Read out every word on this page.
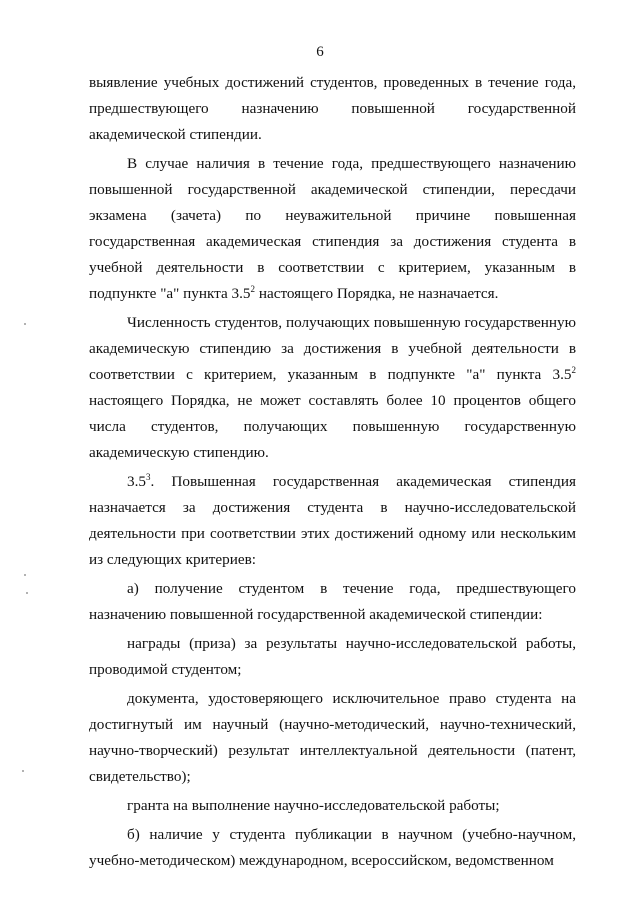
6

выявление учебных достижений студентов, проведенных в течение года, предшествующего назначению повышенной государственной академической стипендии.

В случае наличия в течение года, предшествующего назначению повышенной государственной академической стипендии, пересдачи экзамена (зачета) по неуважительной причине повышенная государственная академическая стипендия за достижения студента в учебной деятельности в соответствии с критерием, указанным в подпункте "а" пункта $3.5^2$ настоящего Порядка, не назначается.

Численность студентов, получающих повышенную государственную академическую стипендию за достижения в учебной деятельности в соответствии с критерием, указанным в подпункте "а" пункта $3.5^2$ настоящего Порядка, не может составлять более 10 процентов общего числа студентов, получающих повышенную государственную академическую стипендию.

$3.5^3$. Повышенная государственная академическая стипендия назначается за достижения студента в научно-исследовательской деятельности при соответствии этих достижений одному или нескольким из следующих критериев:

а) получение студентом в течение года, предшествующего назначению повышенной государственной академической стипендии:

награды (приза) за результаты научно-исследовательской работы, проводимой студентом;

документа, удостоверяющего исключительное право студента на достигнутый им научный (научно-методический, научно-технический, научно-творческий) результат интеллектуальной деятельности (патент, свидетельство);

гранта на выполнение научно-исследовательской работы;

б) наличие у студента публикации в научном (учебно-научном, учебно-методическом) международном, всероссийском, ведомственном
